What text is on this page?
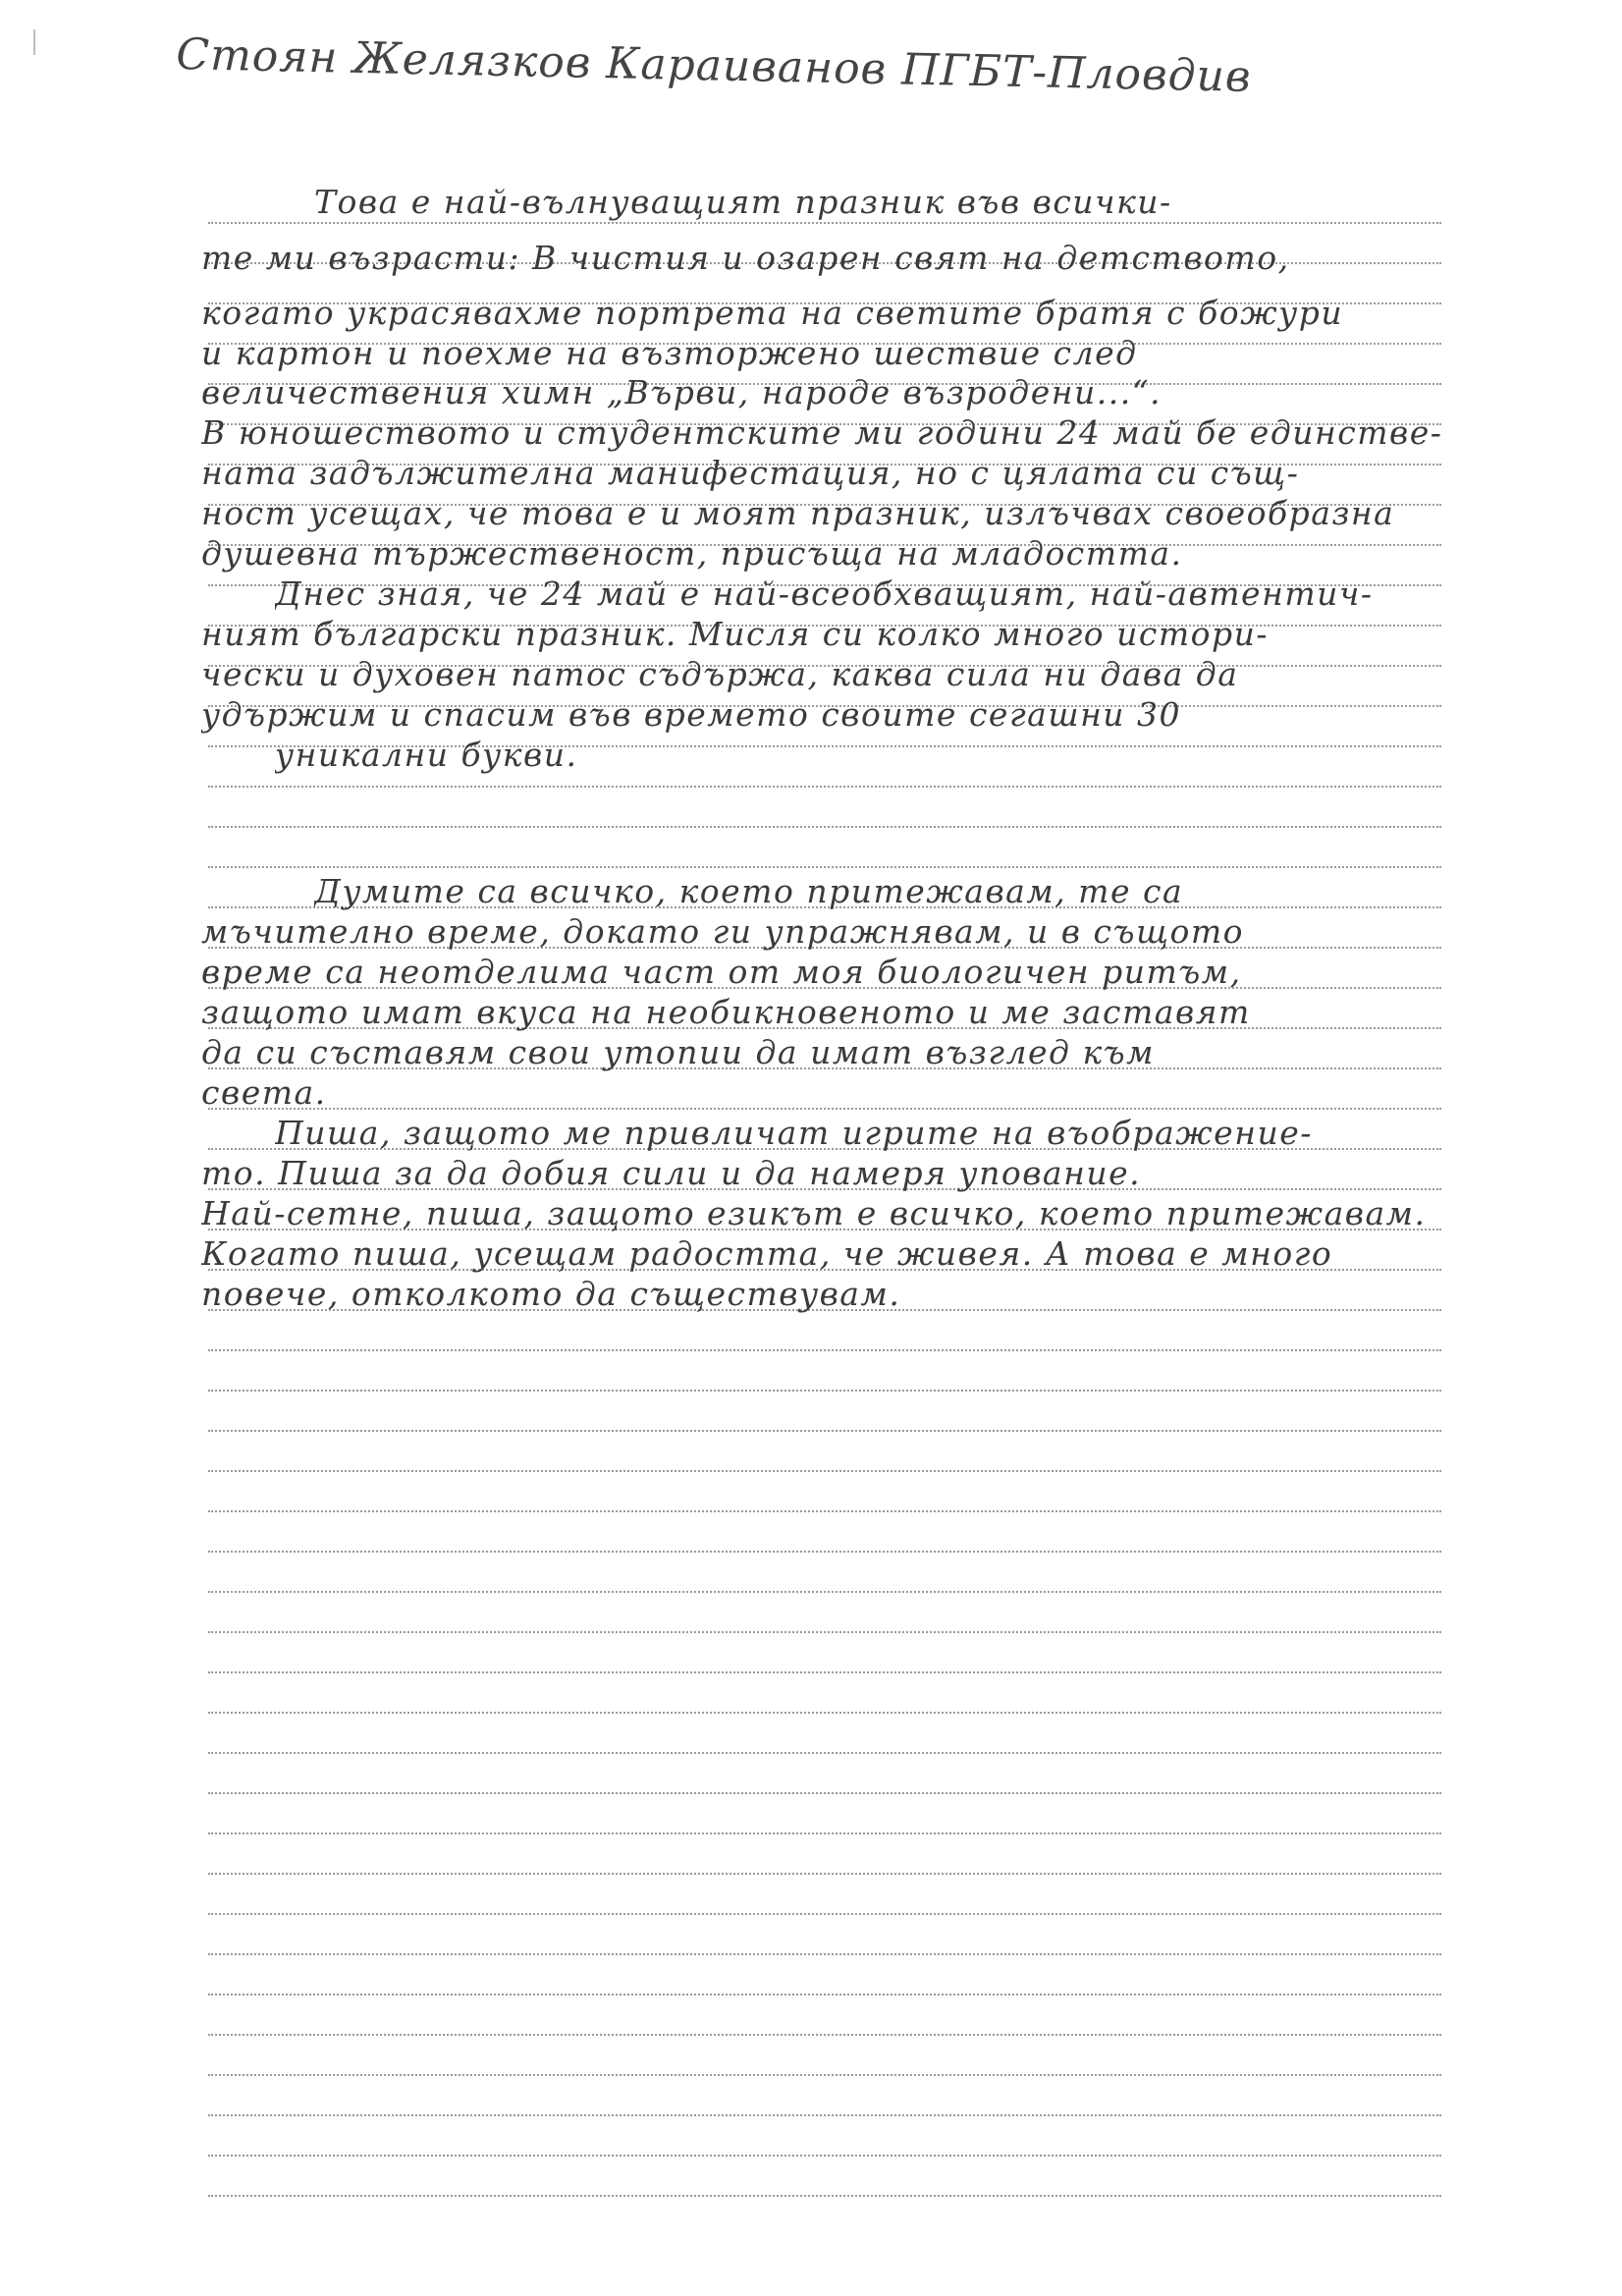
Стоян Желязков Караиванов ПГБТ-Пловдив
Това е най-вълнуващият празник във всички-
те ми възрасти: В чистия и озарен свят на детството,
когато украсявахме портрета на светите братя с божури
и картон и поехме на възторжено шествие след
величествения химн „Върви, народе възродени...“.
В юношеството и студентските ми години 24 май бе единстве-
ната задължителна манифестация, но с цялата си същ-
ност усещах, че това е и моят празник, излъчвах своеобразна
душевна тържественост, присъща на младостта.
Днес зная, че 24 май е най-всеобхващият, най-автентич-
ният български празник. Мисля си колко много истори-
чески и духовен патос съдържа, каква сила ни дава да
удържим и спасим във времето своите сегашни 30
уникални букви.
Думите са всичко, което притежавам, те са
мъчително време, докато ги упражнявам, и в същото
време са неотделима част от моя биологичен ритъм,
защото имат вкуса на необикновеното и ме заставят
да си съставям свои утопии да имат възглед към
света.
Пиша, защото ме привличат игрите на въображение-
то. Пиша за да добия сили и да намеря упование.
Най-сетне, пиша, защото езикът е всичко, което притежавам.
Когато пиша, усещам радостта, че живея. А това е много
повече, отколкото да съществувам.
